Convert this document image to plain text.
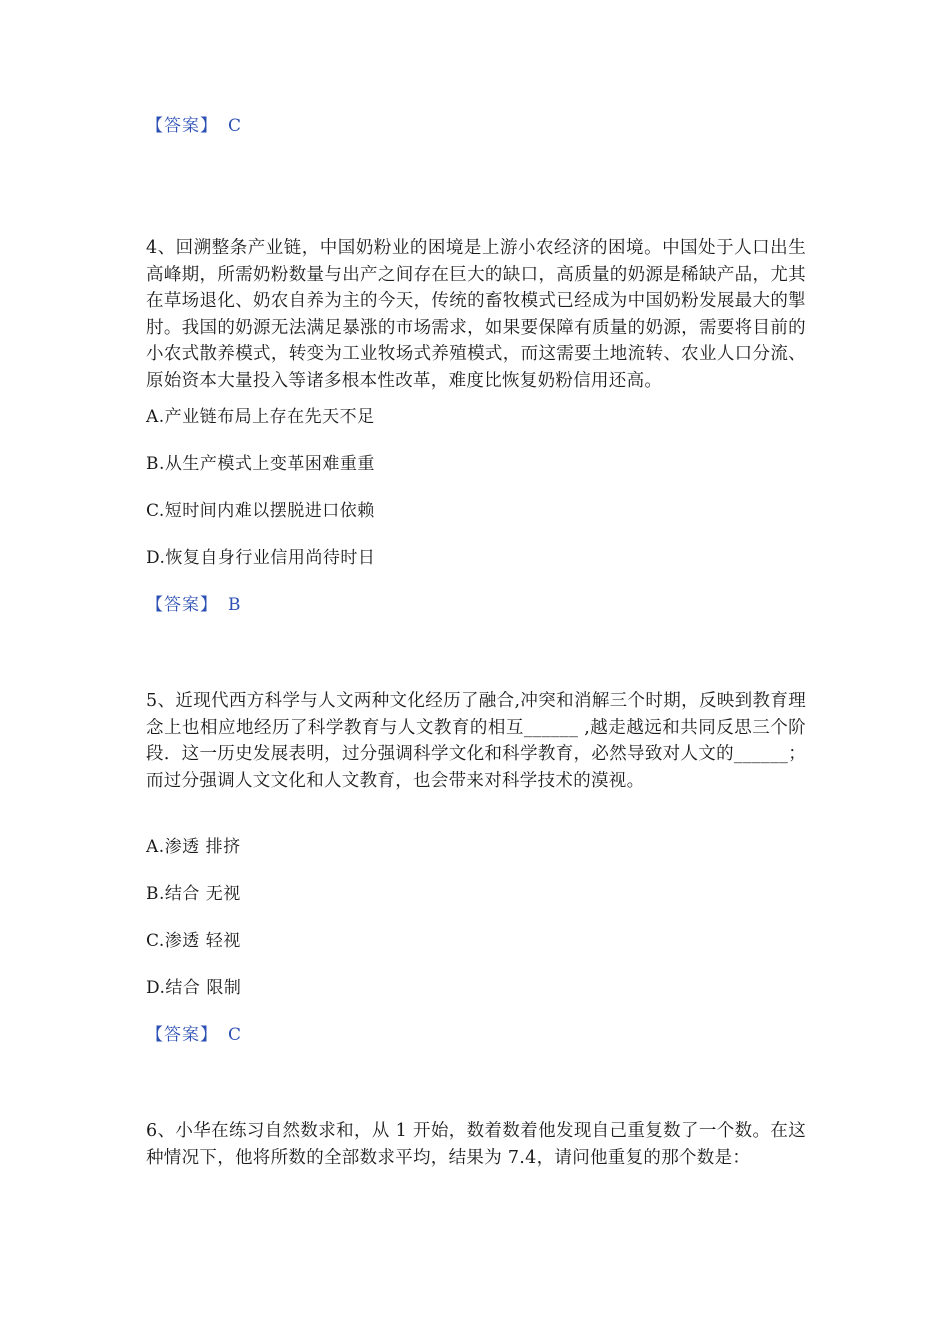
【答案】 C
4、回溯整条产业链，中国奶粉业的困境是上游小农经济的困境。中国处于人口出生高峰期，所需奶粉数量与出产之间存在巨大的缺口，高质量的奶源是稀缺产品，尤其在草场退化、奶农自养为主的今天，传统的畜牧模式已经成为中国奶粉发展最大的掣肘。我国的奶源无法满足暴涨的市场需求，如果要保障有质量的奶源，需要将目前的小农式散养模式，转变为工业牧场式养殖模式，而这需要土地流转、农业人口分流、原始资本大量投入等诸多根本性改革，难度比恢复奶粉信用还高。
A.产业链布局上存在先天不足
B.从生产模式上变革困难重重
C.短时间内难以摆脱进口依赖
D.恢复自身行业信用尚待时日
【答案】 B
5、近现代西方科学与人文两种文化经历了融合,冲突和消解三个时期，反映到教育理念上也相应地经历了科学教育与人文教育的相互______ ,越走越远和共同反思三个阶段．这一历史发展表明，过分强调科学文化和科学教育，必然导致对人文的______；而过分强调人文文化和人文教育，也会带来对科学技术的漠视。
A.渗透 排挤
B.结合 无视
C.渗透 轻视
D.结合 限制
【答案】 C
6、小华在练习自然数求和，从 1 开始，数着数着他发现自己重复数了一个数。在这种情况下，他将所数的全部数求平均，结果为 7.4，请问他重复的那个数是：
